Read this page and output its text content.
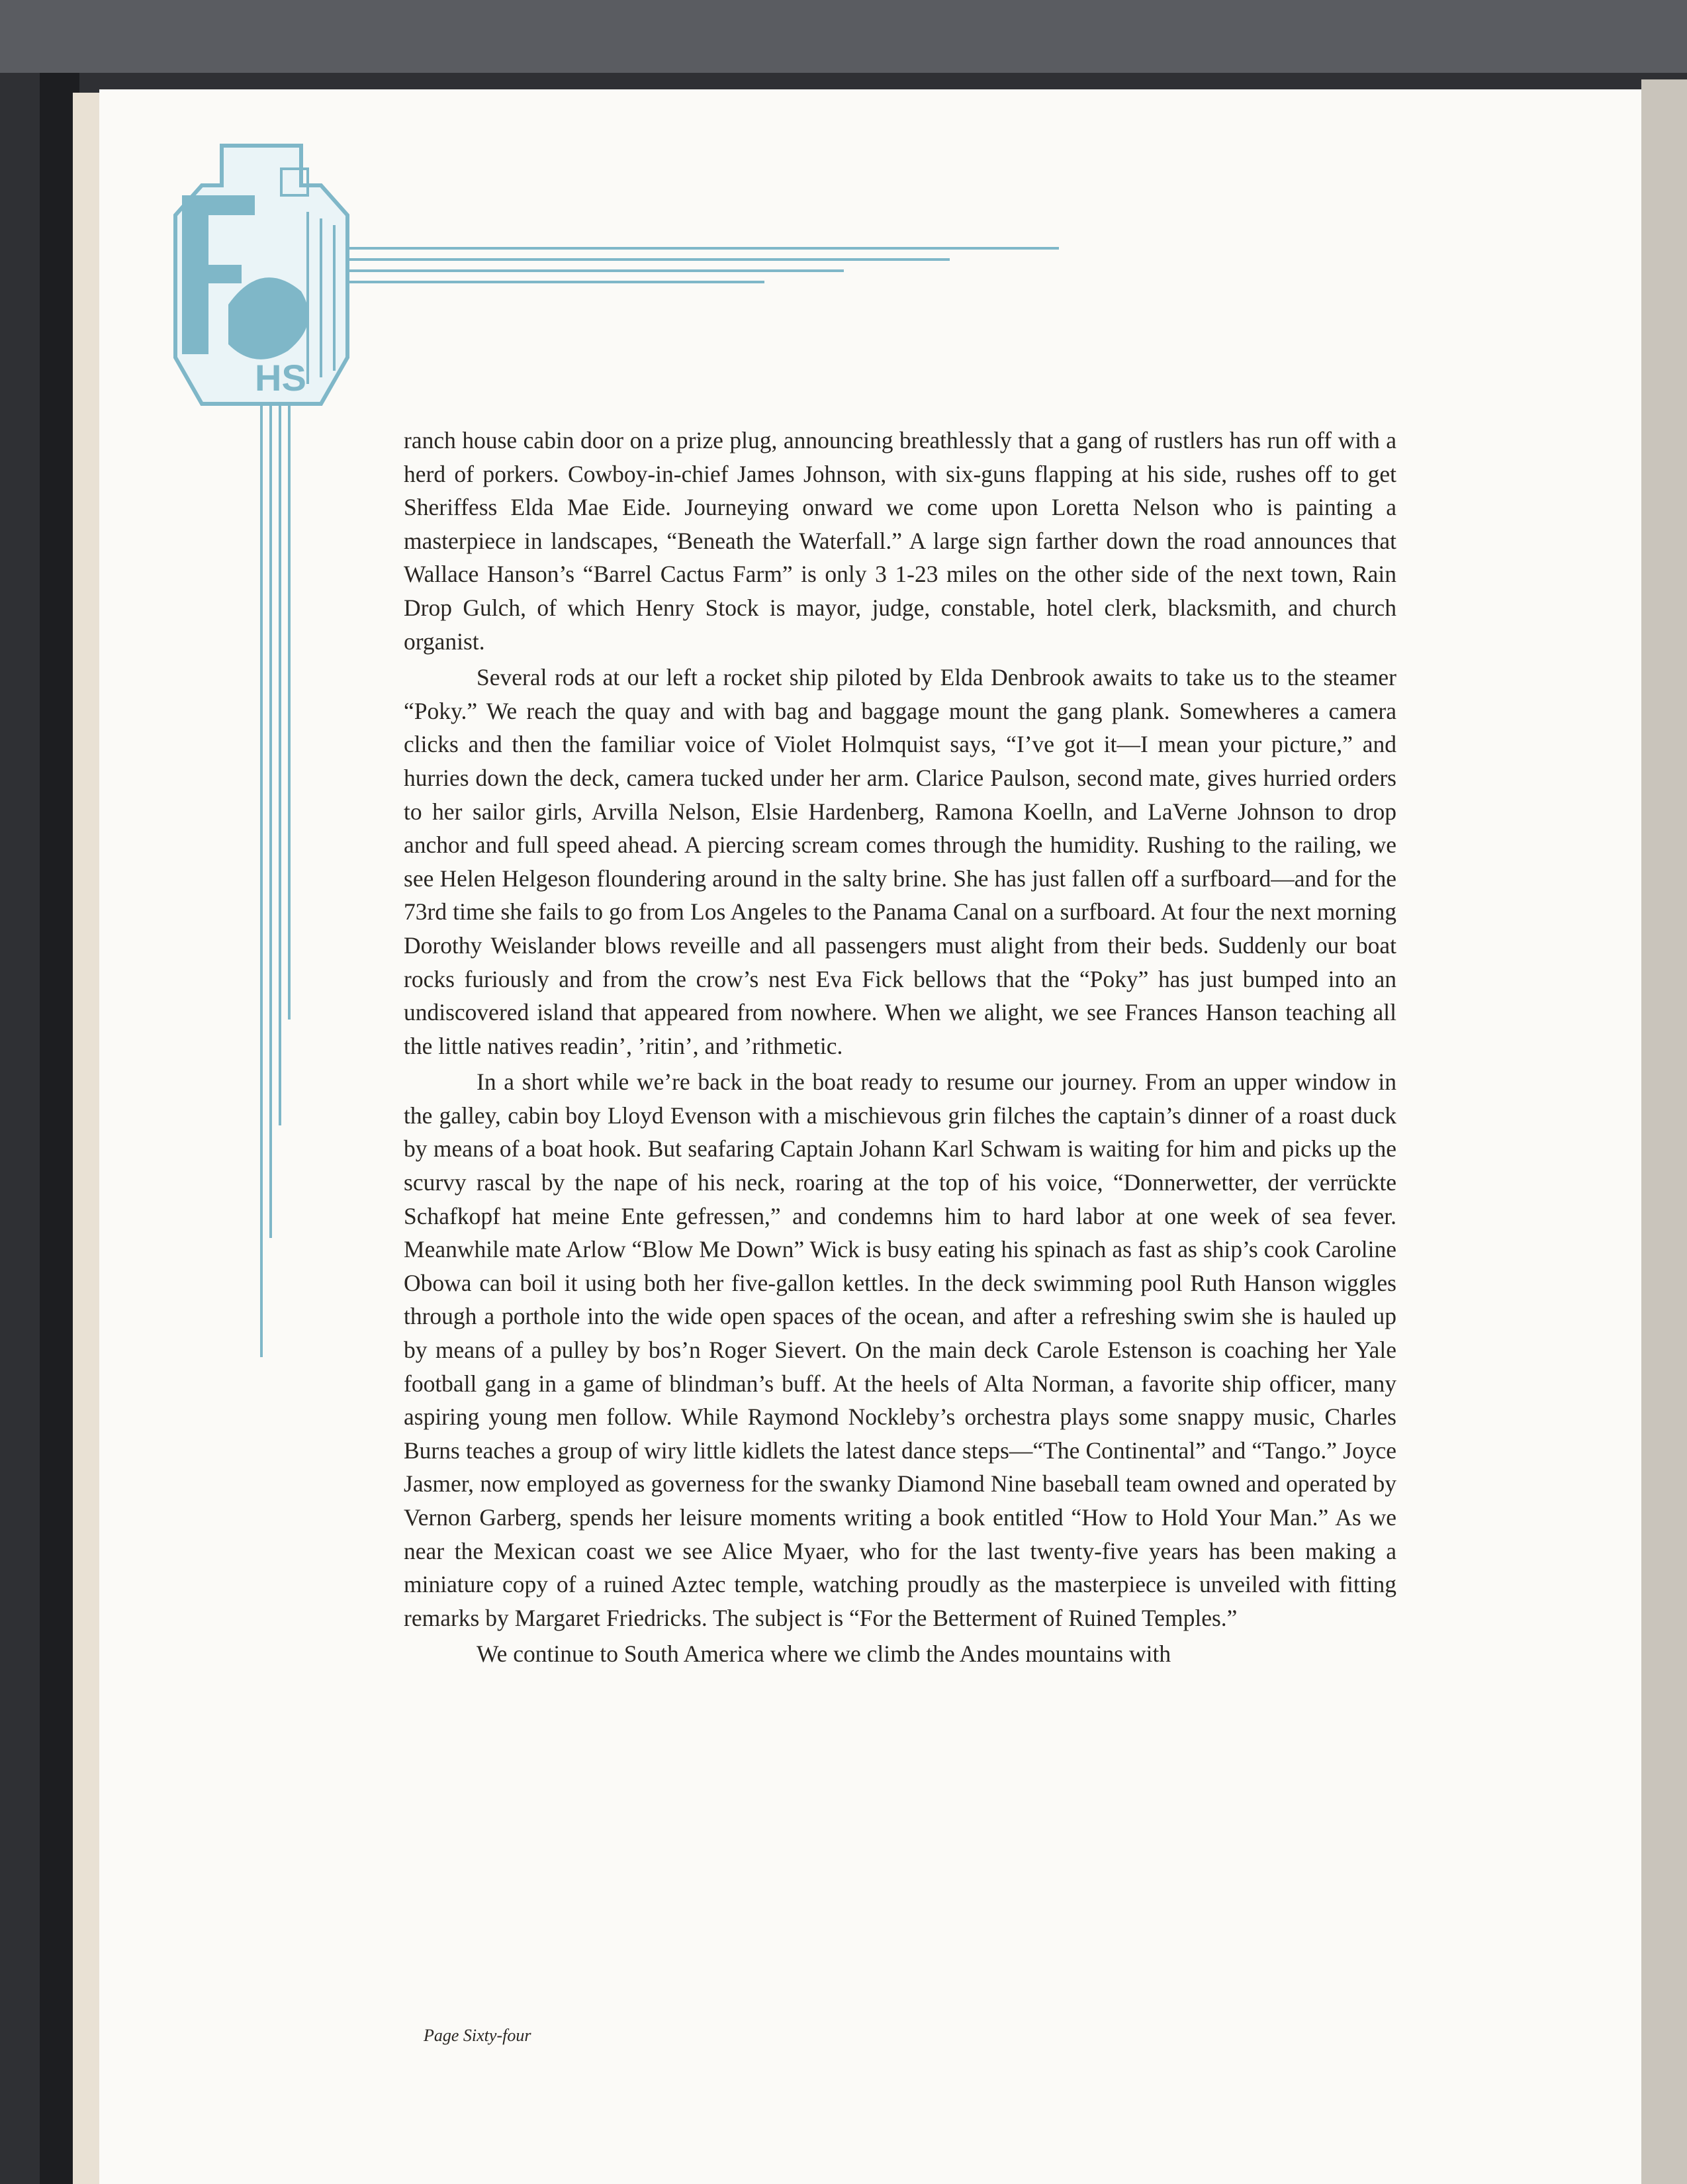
HS

ranch house cabin door on a prize plug, announcing breathlessly that a gang of rustlers has run off with a herd of porkers. Cowboy-in-chief James Johnson, with six-guns flapping at his side, rushes off to get Sheriffess Elda Mae Eide. Journeying onward we come upon Loretta Nelson who is painting a masterpiece in landscapes, “Beneath the Waterfall.” A large sign farther down the road announces that Wallace Hanson’s “Barrel Cactus Farm” is only 3 1-23 miles on the other side of the next town, Rain Drop Gulch, of which Henry Stock is mayor, judge, constable, hotel clerk, blacksmith, and church organist.

Several rods at our left a rocket ship piloted by Elda Denbrook awaits to take us to the steamer “Poky.” We reach the quay and with bag and baggage mount the gang plank. Somewheres a camera clicks and then the familiar voice of Violet Holmquist says, “I’ve got it—I mean your picture,” and hurries down the deck, camera tucked under her arm. Clarice Paulson, second mate, gives hurried orders to her sailor girls, Arvilla Nelson, Elsie Hardenberg, Ramona Koelln, and LaVerne Johnson to drop anchor and full speed ahead. A piercing scream comes through the humidity. Rushing to the railing, we see Helen Helgeson floundering around in the salty brine. She has just fallen off a surfboard—and for the 73rd time she fails to go from Los Angeles to the Panama Canal on a surfboard. At four the next morning Dorothy Weislander blows reveille and all passengers must alight from their beds. Suddenly our boat rocks furiously and from the crow’s nest Eva Fick bellows that the “Poky” has just bumped into an undiscovered island that appeared from nowhere. When we alight, we see Frances Hanson teaching all the little natives readin’, ’ritin’, and ’rithmetic.

In a short while we’re back in the boat ready to resume our journey. From an upper window in the galley, cabin boy Lloyd Evenson with a mischievous grin filches the captain’s dinner of a roast duck by means of a boat hook. But seafaring Captain Johann Karl Schwam is waiting for him and picks up the scurvy rascal by the nape of his neck, roaring at the top of his voice, “Donnerwetter, der verrückte Schafkopf hat meine Ente gefressen,” and condemns him to hard labor at one week of sea fever. Meanwhile mate Arlow “Blow Me Down” Wick is busy eating his spinach as fast as ship’s cook Caroline Obowa can boil it using both her five-gallon kettles. In the deck swimming pool Ruth Hanson wiggles through a porthole into the wide open spaces of the ocean, and after a refreshing swim she is hauled up by means of a pulley by bos’n Roger Sievert. On the main deck Carole Estenson is coaching her Yale football gang in a game of blindman’s buff. At the heels of Alta Norman, a favorite ship officer, many aspiring young men follow. While Raymond Nockleby’s orchestra plays some snappy music, Charles Burns teaches a group of wiry little kidlets the latest dance steps—“The Continental” and “Tango.” Joyce Jasmer, now employed as governess for the swanky Diamond Nine baseball team owned and operated by Vernon Garberg, spends her leisure moments writing a book entitled “How to Hold Your Man.” As we near the Mexican coast we see Alice Myaer, who for the last twenty-five years has been making a miniature copy of a ruined Aztec temple, watching proudly as the masterpiece is unveiled with fitting remarks by Margaret Friedricks. The subject is “For the Betterment of Ruined Temples.”

We continue to South America where we climb the Andes mountains with

Page Sixty-four
